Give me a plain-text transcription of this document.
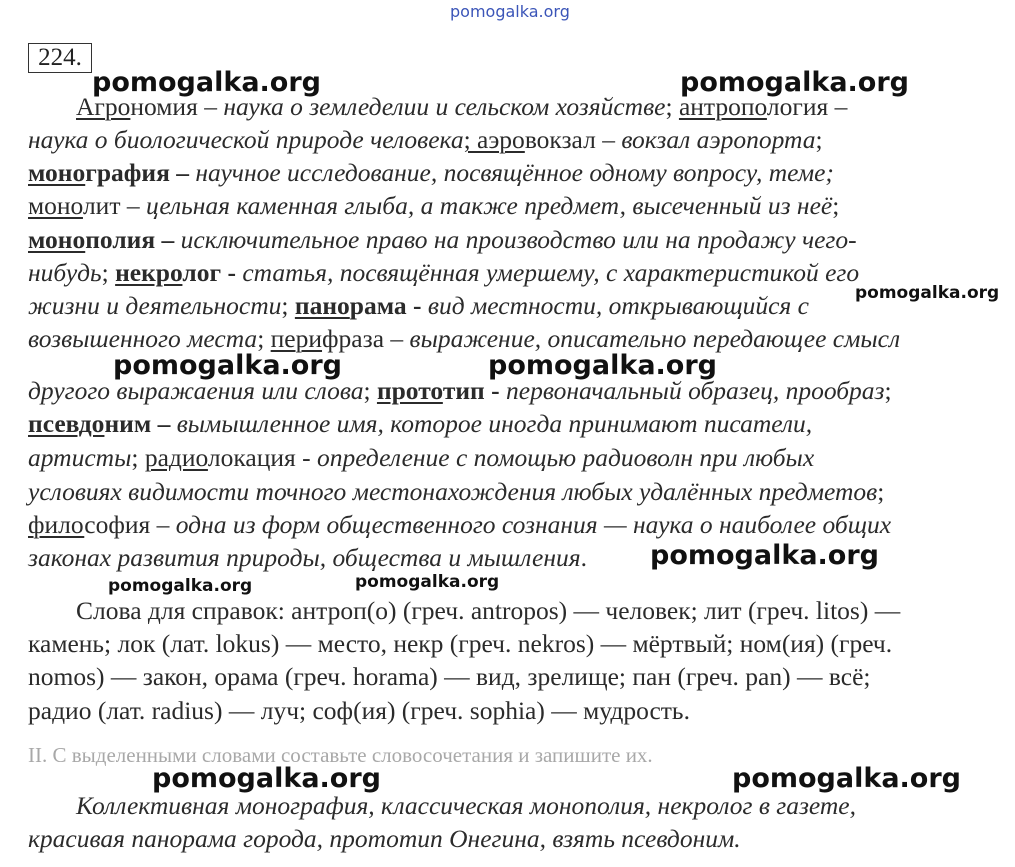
pomogalka.org
224.
Агрономия – наука о земледелии и сельском хозяйстве; антропология –
наука о биологической природе человека; аэровокзал – вокзал аэропорта;
монография – научное исследование, посвящённое одному вопросу, теме;
монолит – цельная каменная глыба, а также предмет, высеченный из неё;
монополия – исключительное право на производство или на продажу чего-
нибудь; некролог - статья, посвящённая умершему, с характеристикой его
жизни и деятельности; панорама - вид местности, открывающийся с
возвышенного места; перифраза – выражение, описательно передающее смысл
другого выражаения или слова; прототип - первоначальный образец, прообраз;
псевдоним – вымышленное имя, которое иногда принимают писатели,
артисты; радиолокация - определение с помощью радиоволн при любых
условиях видимости точного местонахождения любых удалённых предметов;
философия – одна из форм общественного сознания — наука о наиболее общих
законах развития природы, общества и мышления.
Слова для справок: антроп(о) (греч. antropos) — человек; лит (греч. litos) —
камень; лок (лат. lokus) — место, некр (греч. nekros) — мёртвый; ном(ия) (греч.
nomos) — закон, орама (греч. horama) — вид, зрелище; пан (греч. pan) — всё;
радио (лат. radius) — луч; соф(ия) (греч. sophia) — мудрость.
II. С выделенными словами составьте словосочетания и запишите их.
Коллективная монография, классическая монополия, некролог в газете,
красивая панорама города, прототип Онегина, взять псевдоним.
pomogalka.org	pomogalka.org
pomogalka.org
pomogalka.org	pomogalka.org
pomogalka.org
pomogalka.org	pomogalka.org
pomogalka.org	pomogalka.org
